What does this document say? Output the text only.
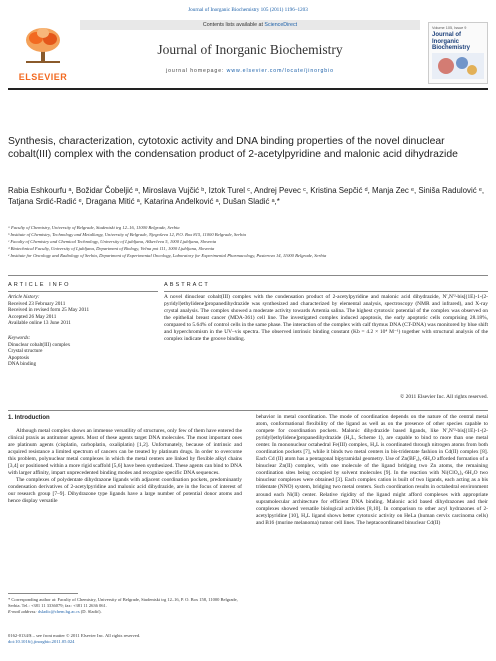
Journal of Inorganic Biochemistry 105 (2011) 1196–1203
ELSEVIER
Contents lists available at ScienceDirect
Journal of Inorganic Biochemistry
journal homepage: www.elsevier.com/locate/jinorgbio
Volume 105, Issue 9
Journal of
Inorganic
Biochemistry
Synthesis, characterization, cytotoxic activity and DNA binding properties of the novel dinuclear cobalt(III) complex with the condensation product of 2-acetylpyridine and malonic acid dihydrazide
Rabia Eshkourfu ᵃ, Božidar Čobeljić ᵃ, Miroslava Vujčić ᵇ, Iztok Turel ᶜ, Andrej Pevec ᶜ, Kristina Sepčić ᵈ, Manja Zec ᵉ, Siniša Radulović ᵉ, Tatjana Srdić-Radić ᵉ, Dragana Mitić ᵃ, Katarina Anđelković ᵃ, Dušan Sladić ᵃ,*
ᵃ Faculty of Chemistry, University of Belgrade, Studentski trg 12–16, 11000 Belgrade, Serbia
ᵇ Institute of Chemistry, Technology and Metallurgy, University of Belgrade, Njegoševa 12, P.O. Box 815, 11000 Belgrade, Serbia
ᶜ Faculty of Chemistry and Chemical Technology, University of Ljubljana, Aškerčeva 5, 1000 Ljubljana, Slovenia
ᵈ Biotechnical Faculty, University of Ljubljana, Department of Biology, Večna pot 111, 1000 Ljubljana, Slovenia
ᵉ Institute for Oncology and Radiology of Serbia, Department of Experimental Oncology, Laboratory for Experimental Pharmacology, Pasterova 14, 11000 Belgrade, Serbia
ARTICLE INFO	ABSTRACT
Article history:
Received 23 February 2011
Received in revised form 25 May 2011
Accepted 26 May 2011
Available online 13 June 2011
Keywords:
Dinuclear cobalt(III) complex
Crystal structure
Apoptosis
DNA binding
A novel dinuclear cobalt(III) complex with the condensation product of 2-acetylpyridine and malonic acid dihydrazide, N′,N′²-bis[(1E)-1-(2-pyridyl)ethylidene]propanedihydrazide was synthesized and characterized by elemental analysis, spectroscopy (NMR and infrared), and X-ray crystal analysis. The complex showed a moderate activity towards Artemia salina. The highest cytotoxic potential of the complex was observed on the epithelial breast cancer (MDA-361) cell line. The investigated complex induced apoptosis, the early apoptotic cells comprising 28.18%, compared to 5.64% of control cells in the same phase. The interaction of the complex with calf thymus DNA (CT-DNA) was monitored by blue shift and hyperchromism in the UV–vis spectra. The observed intrinsic binding constant (Kb = 4.2 × 10⁴ M⁻¹) together with structural analysis of the complex indicate the groove binding.
© 2011 Elsevier Inc. All rights reserved.
1. Introduction

Although metal complex shows an immense versatility of structures, only few of them have entered the clinical praxis as antitumor agents. Most of these agents target DNA molecules. The most important ones are platinum agents (cisplatin, carboplatin, oxaliplatin) [1,2]. Unfortunately, because of intrinsic and acquired resistance a limited spectrum of cancers can be treated by platinum drugs. In order to overcome this problem, polynuclear metal complexes in which the metal centers are linked by flexible alkyl chains [3,4] or positioned within a more rigid scaffold [5,6] have been synthesized. These agents can bind to DNA with larger affinity, impart unprecedented binding modes and recognize specific DNA sequences.

The complexes of polydentate dihydrazone ligands with adjacent coordination pockets, predominantly condensation derivatives of 2-acetylpyridine and malonic acid dihydrazide, are in the focus of interest of our research group [7–9]. Dihydrazone type ligands have a large number of potential donor atoms and hence display versatile

behavior in metal coordination. The mode of coordination depends on the nature of the central metal atom, conformational flexibility of the ligand as well as on the presence of other species capable to compete for coordination pockets. Malonic dihydrazide based ligands, like N′,N′²-bis[(1E)-1-(2-pyridyl)ethylidene]propanedihydrazide (H₂L, Scheme 1), are capable to bind to more than one metal center. In mononuclear octahedral Fe(III) complex, H₂L is coordinated through nitrogen atoms from both coordination pockets [7], while it binds two metal centers in bis-tridentate fashion in Cd(II) complex [8]. Each Cd (II) atom has a pentagonal bipyramidal geometry. Use of Zn(BF₄)₂·6H₂O afforded formation of a binuclear Zn(II) complex, with one molecule of the ligand bridging two Zn atoms, the remaining coordination sites being occupied by solvent molecules [9]. In the reaction with Ni(ClO₄)₂·6H₂O two binuclear complexes were obtained [3]. Each complex cation is built of two ligands, each acting as a bis tridentate (NNO) system, bridging two metal centers. Such coordination results in octahedral environment around each Ni(II) center. Relative rigidity of the ligand might afford complexes with appropriate supramolecular architecture for efficient DNA binding. Malonic acid based dihydrazones and their complexes showed versatile biological activities [8,10]. In comparison to other acyl hydrazones of 2-acetylpyridine [10], H₂L ligand shows better cytotoxic activity on HeLa (human cervix carcinoma cells) and B16 (murine melanoma) tumor cell lines. The heptacoordinated binuclear Cd(II)

* Corresponding author at: Faculty of Chemistry, University of Belgrade, Studentski trg 12–16, P. O. Box 158, 11000 Belgrade, Serbia. Tel.: +381 11 3336079; fax: +381 11 2636 061.
E-mail address: dsladic@chem.bg.ac.rs (D. Sladić).
0162-0134/$ – see front matter © 2011 Elsevier Inc. All rights reserved.
doi:10.1016/j.jinorgbio.2011.05.024
